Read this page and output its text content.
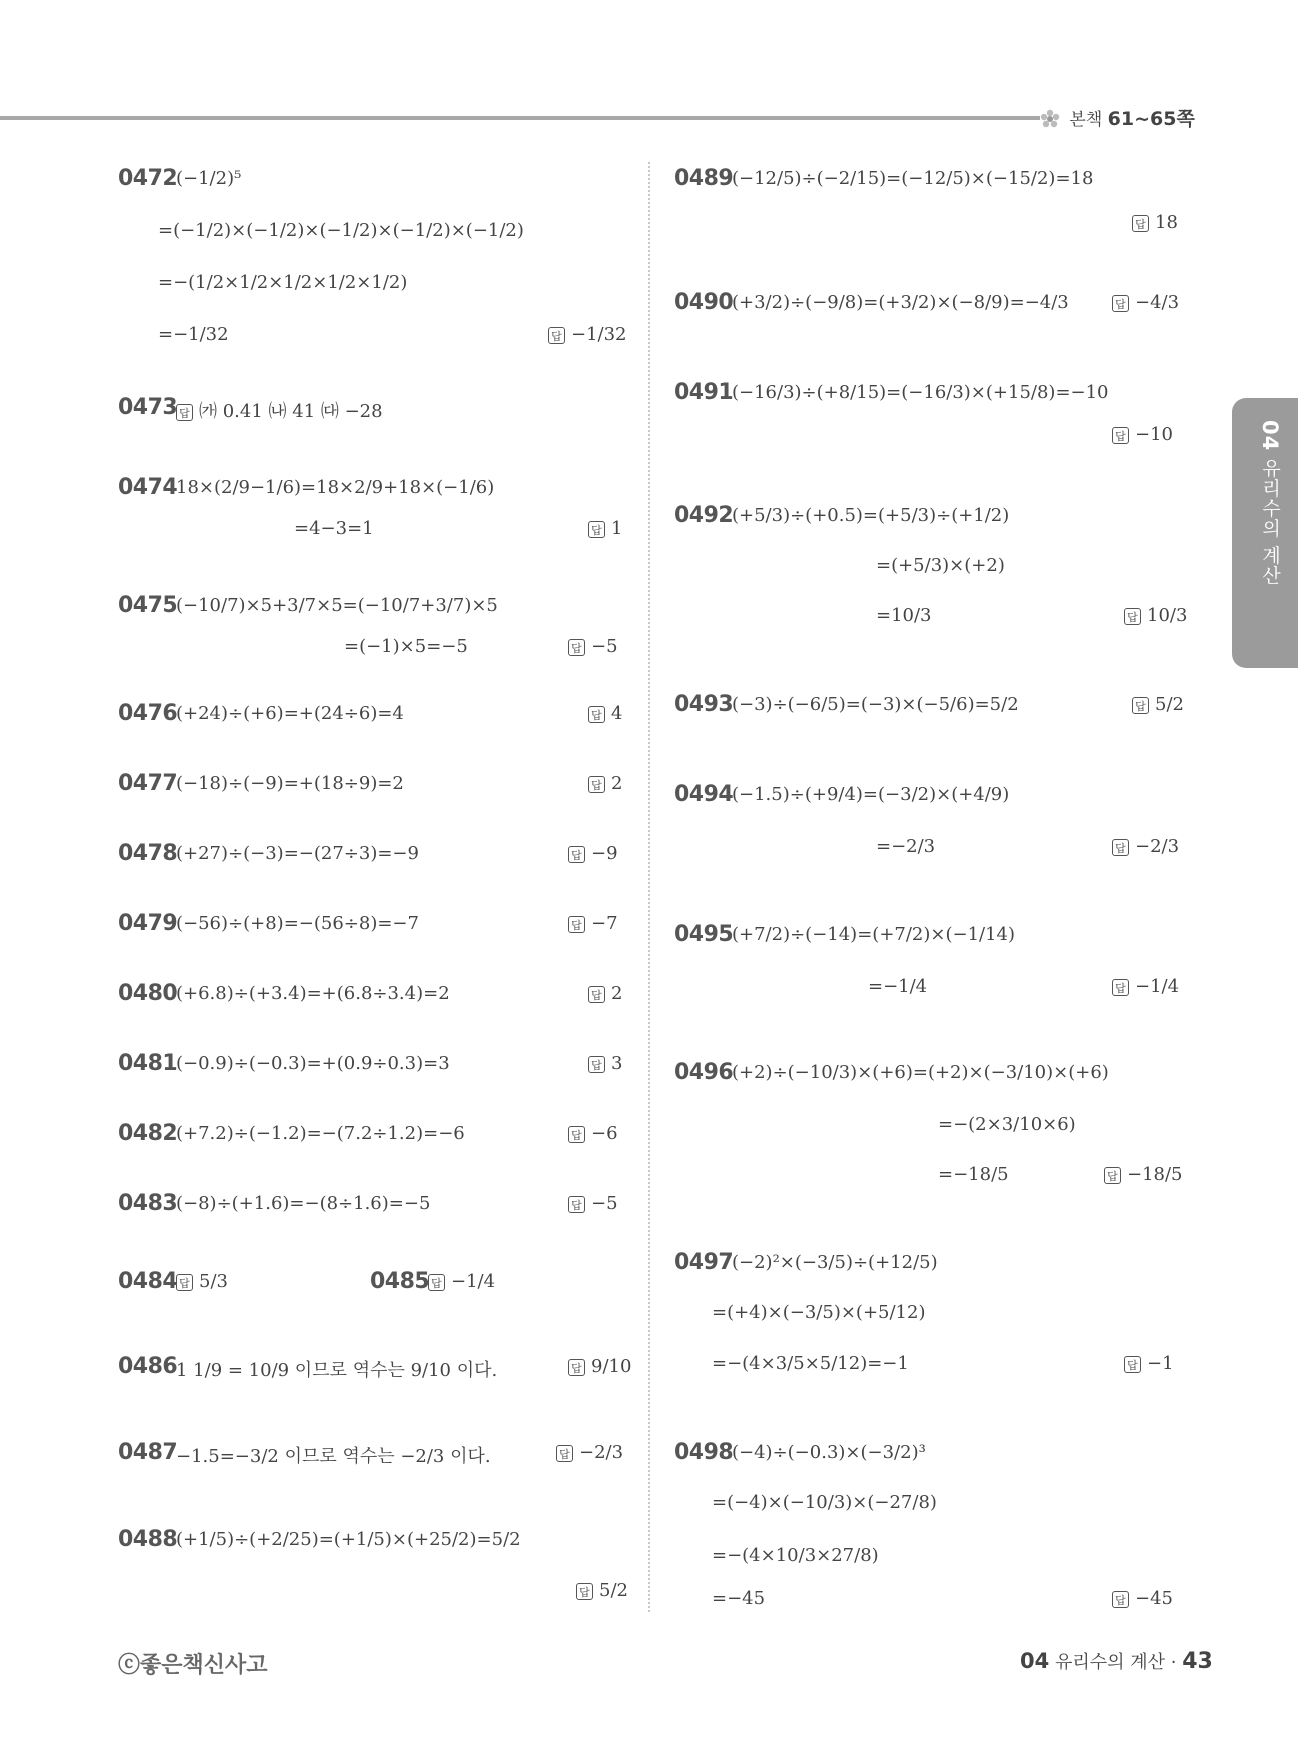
본책 61~65쪽
04 유리수의 계산
0472
(−1/2)⁵
=(−1/2)×(−1/2)×(−1/2)×(−1/2)×(−1/2)
=−(1/2×1/2×1/2×1/2×1/2)
=−1/32 답	−1/32
0473 답	㈎ 0.41 ㈏ 41 ㈐ −28
0474
18×(2/9−1/6)=18×2/9+18×(−1/6)
=4−3=1 답	1
0475
(−10/7)×5+3/7×5=(−10/7+3/7)×5
=(−1)×5=−5 답	−5
0476
(+24)÷(+6)=+(24÷6)=4 답	4
0477
(−18)÷(−9)=+(18÷9)=2 답	2
0478
(+27)÷(−3)=−(27÷3)=−9 답	−9
0479
(−56)÷(+8)=−(56÷8)=−7 답	−7
0480
(+6.8)÷(+3.4)=+(6.8÷3.4)=2 답	2
0481
(−0.9)÷(−0.3)=+(0.9÷0.3)=3 답	3
0482
(+7.2)÷(−1.2)=−(7.2÷1.2)=−6 답	−6
0483
(−8)÷(+1.6)=−(8÷1.6)=−5 답	−5
0484 답	5/3	0485 답	−1/4
0486
1 1/9 = 10/9 이므로 역수는 9/10 이다. 답	9/10
0487
−1.5=−3/2 이므로 역수는 −2/3 이다. 답	−2/3
0488
(+1/5)÷(+2/25)=(+1/5)×(+25/2)=5/2
답5/2
0489
(−12/5)÷(−2/15)=(−12/5)×(−15/2)=18
답18
0490
(+3/2)÷(−9/8)=(+3/2)×(−8/9)=−4/3 답	−4/3
0491
(−16/3)÷(+8/15)=(−16/3)×(+15/8)=−10
답−10
0492
(+5/3)÷(+0.5)=(+5/3)÷(+1/2)
=(+5/3)×(+2)
=10/3 답	10/3
0493
(−3)÷(−6/5)=(−3)×(−5/6)=5/2 답	5/2
0494
(−1.5)÷(+9/4)=(−3/2)×(+4/9)
=−2/3 답	−2/3
0495
(+7/2)÷(−14)=(+7/2)×(−1/14)
=−1/4 답	−1/4
0496
(+2)÷(−10/3)×(+6)=(+2)×(−3/10)×(+6)
=−(2×3/10×6)
=−18/5 답	−18/5
0497
(−2)²×(−3/5)÷(+12/5)
=(+4)×(−3/5)×(+5/12)
=−(4×3/5×5/12)=−1 답	−1
0498
(−4)÷(−0.3)×(−3/2)³
=(−4)×(−10/3)×(−27/8)
=−(4×10/3×27/8)
=−45 답	−45
ⓒ좋은책신사고	04 유리수의 계산 · 43
